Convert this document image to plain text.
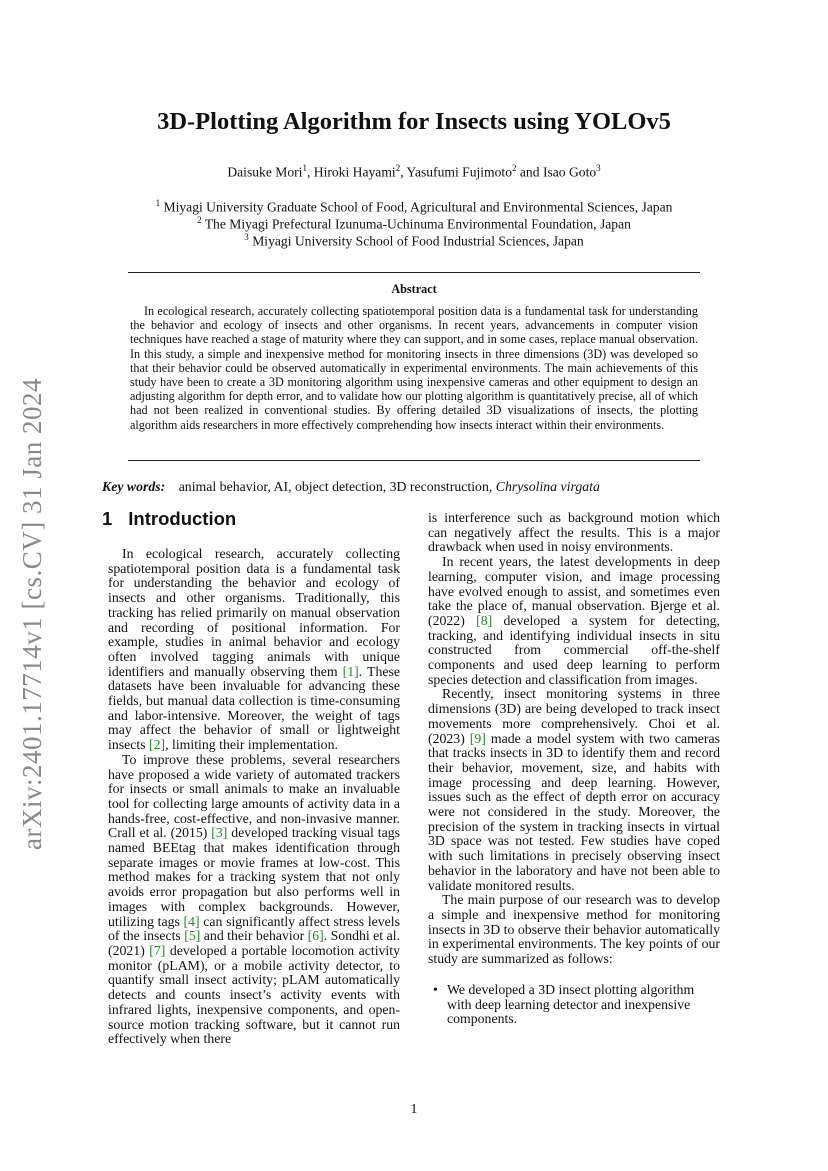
arXiv:2401.17714v1 [cs.CV] 31 Jan 2024
3D-Plotting Algorithm for Insects using YOLOv5
Daisuke Mori$^1$, Hiroki Hayami$^2$, Yasufumi Fujimoto$^2$ and Isao Goto$^3$
$^1$ Miyagi University Graduate School of Food, Agricultural and Environmental Sciences, Japan
$^2$ The Miyagi Prefectural Izunuma-Uchinuma Environmental Foundation, Japan
$^3$ Miyagi University School of Food Industrial Sciences, Japan
Abstract
In ecological research, accurately collecting spatiotemporal position data is a fundamental task for understanding the behavior and ecology of insects and other organisms. In recent years, advancements in computer vision techniques have reached a stage of maturity where they can support, and in some cases, replace manual observation. In this study, a simple and inexpensive method for monitoring insects in three dimensions (3D) was developed so that their behavior could be observed automatically in experimental environments. The main achievements of this study have been to create a 3D monitoring algorithm using inexpensive cameras and other equipment to design an adjusting algorithm for depth error, and to validate how our plotting algorithm is quantitatively precise, all of which had not been realized in conventional studies. By offering detailed 3D visualizations of insects, the plotting algorithm aids researchers in more effectively comprehending how insects interact within their environments.
Key words: animal behavior, AI, object detection, 3D reconstruction, Chrysolina virgata
1 Introduction

In ecological research, accurately collecting spatiotemporal position data is a fundamental task for understanding the behavior and ecology of insects and other organisms. Traditionally, this tracking has relied primarily on manual observation and recording of positional information. For example, studies in animal behavior and ecology often involved tagging animals with unique identifiers and manually observing them [1]. These datasets have been invaluable for advancing these fields, but manual data collection is time-consuming and labor-intensive. Moreover, the weight of tags may affect the behavior of small or lightweight insects [2], limiting their implementation.

To improve these problems, several researchers have proposed a wide variety of automated trackers for insects or small animals to make an invaluable tool for collecting large amounts of activity data in a hands-free, cost-effective, and non-invasive manner. Crall et al. (2015) [3] developed tracking visual tags named BEEtag that makes identification through separate images or movie frames at low-cost. This method makes for a tracking system that not only avoids error propagation but also performs well in images with complex backgrounds. However, utilizing tags [4] can significantly affect stress levels of the insects [5] and their behavior [6]. Sondhi et al. (2021) [7] developed a portable locomotion activity monitor (pLAM), or a mobile activity detector, to quantify small insect activity; pLAM automatically detects and counts insect’s activity events with infrared lights, inexpensive components, and open-source motion tracking software, but it cannot run effectively when there

is interference such as background motion which can negatively affect the results. This is a major drawback when used in noisy environments.

In recent years, the latest developments in deep learning, computer vision, and image processing have evolved enough to assist, and sometimes even take the place of, manual observation. Bjerge et al. (2022) [8] developed a system for detecting, tracking, and identifying individual insects in situ constructed from commercial off-the-shelf components and used deep learning to perform species detection and classification from images.

Recently, insect monitoring systems in three dimensions (3D) are being developed to track insect movements more comprehensively. Choi et al. (2023) [9] made a model system with two cameras that tracks insects in 3D to identify them and record their behavior, movement, size, and habits with image processing and deep learning. However, issues such as the effect of depth error on accuracy were not considered in the study. Moreover, the precision of the system in tracking insects in virtual 3D space was not tested. Few studies have coped with such limitations in precisely observing insect behavior in the laboratory and have not been able to validate monitored results.

The main purpose of our research was to develop a simple and inexpensive method for monitoring insects in 3D to observe their behavior automatically in experimental environments. The key points of our study are summarized as follows:

• We developed a 3D insect plotting algorithm with deep learning detector and inexpensive components.
1
